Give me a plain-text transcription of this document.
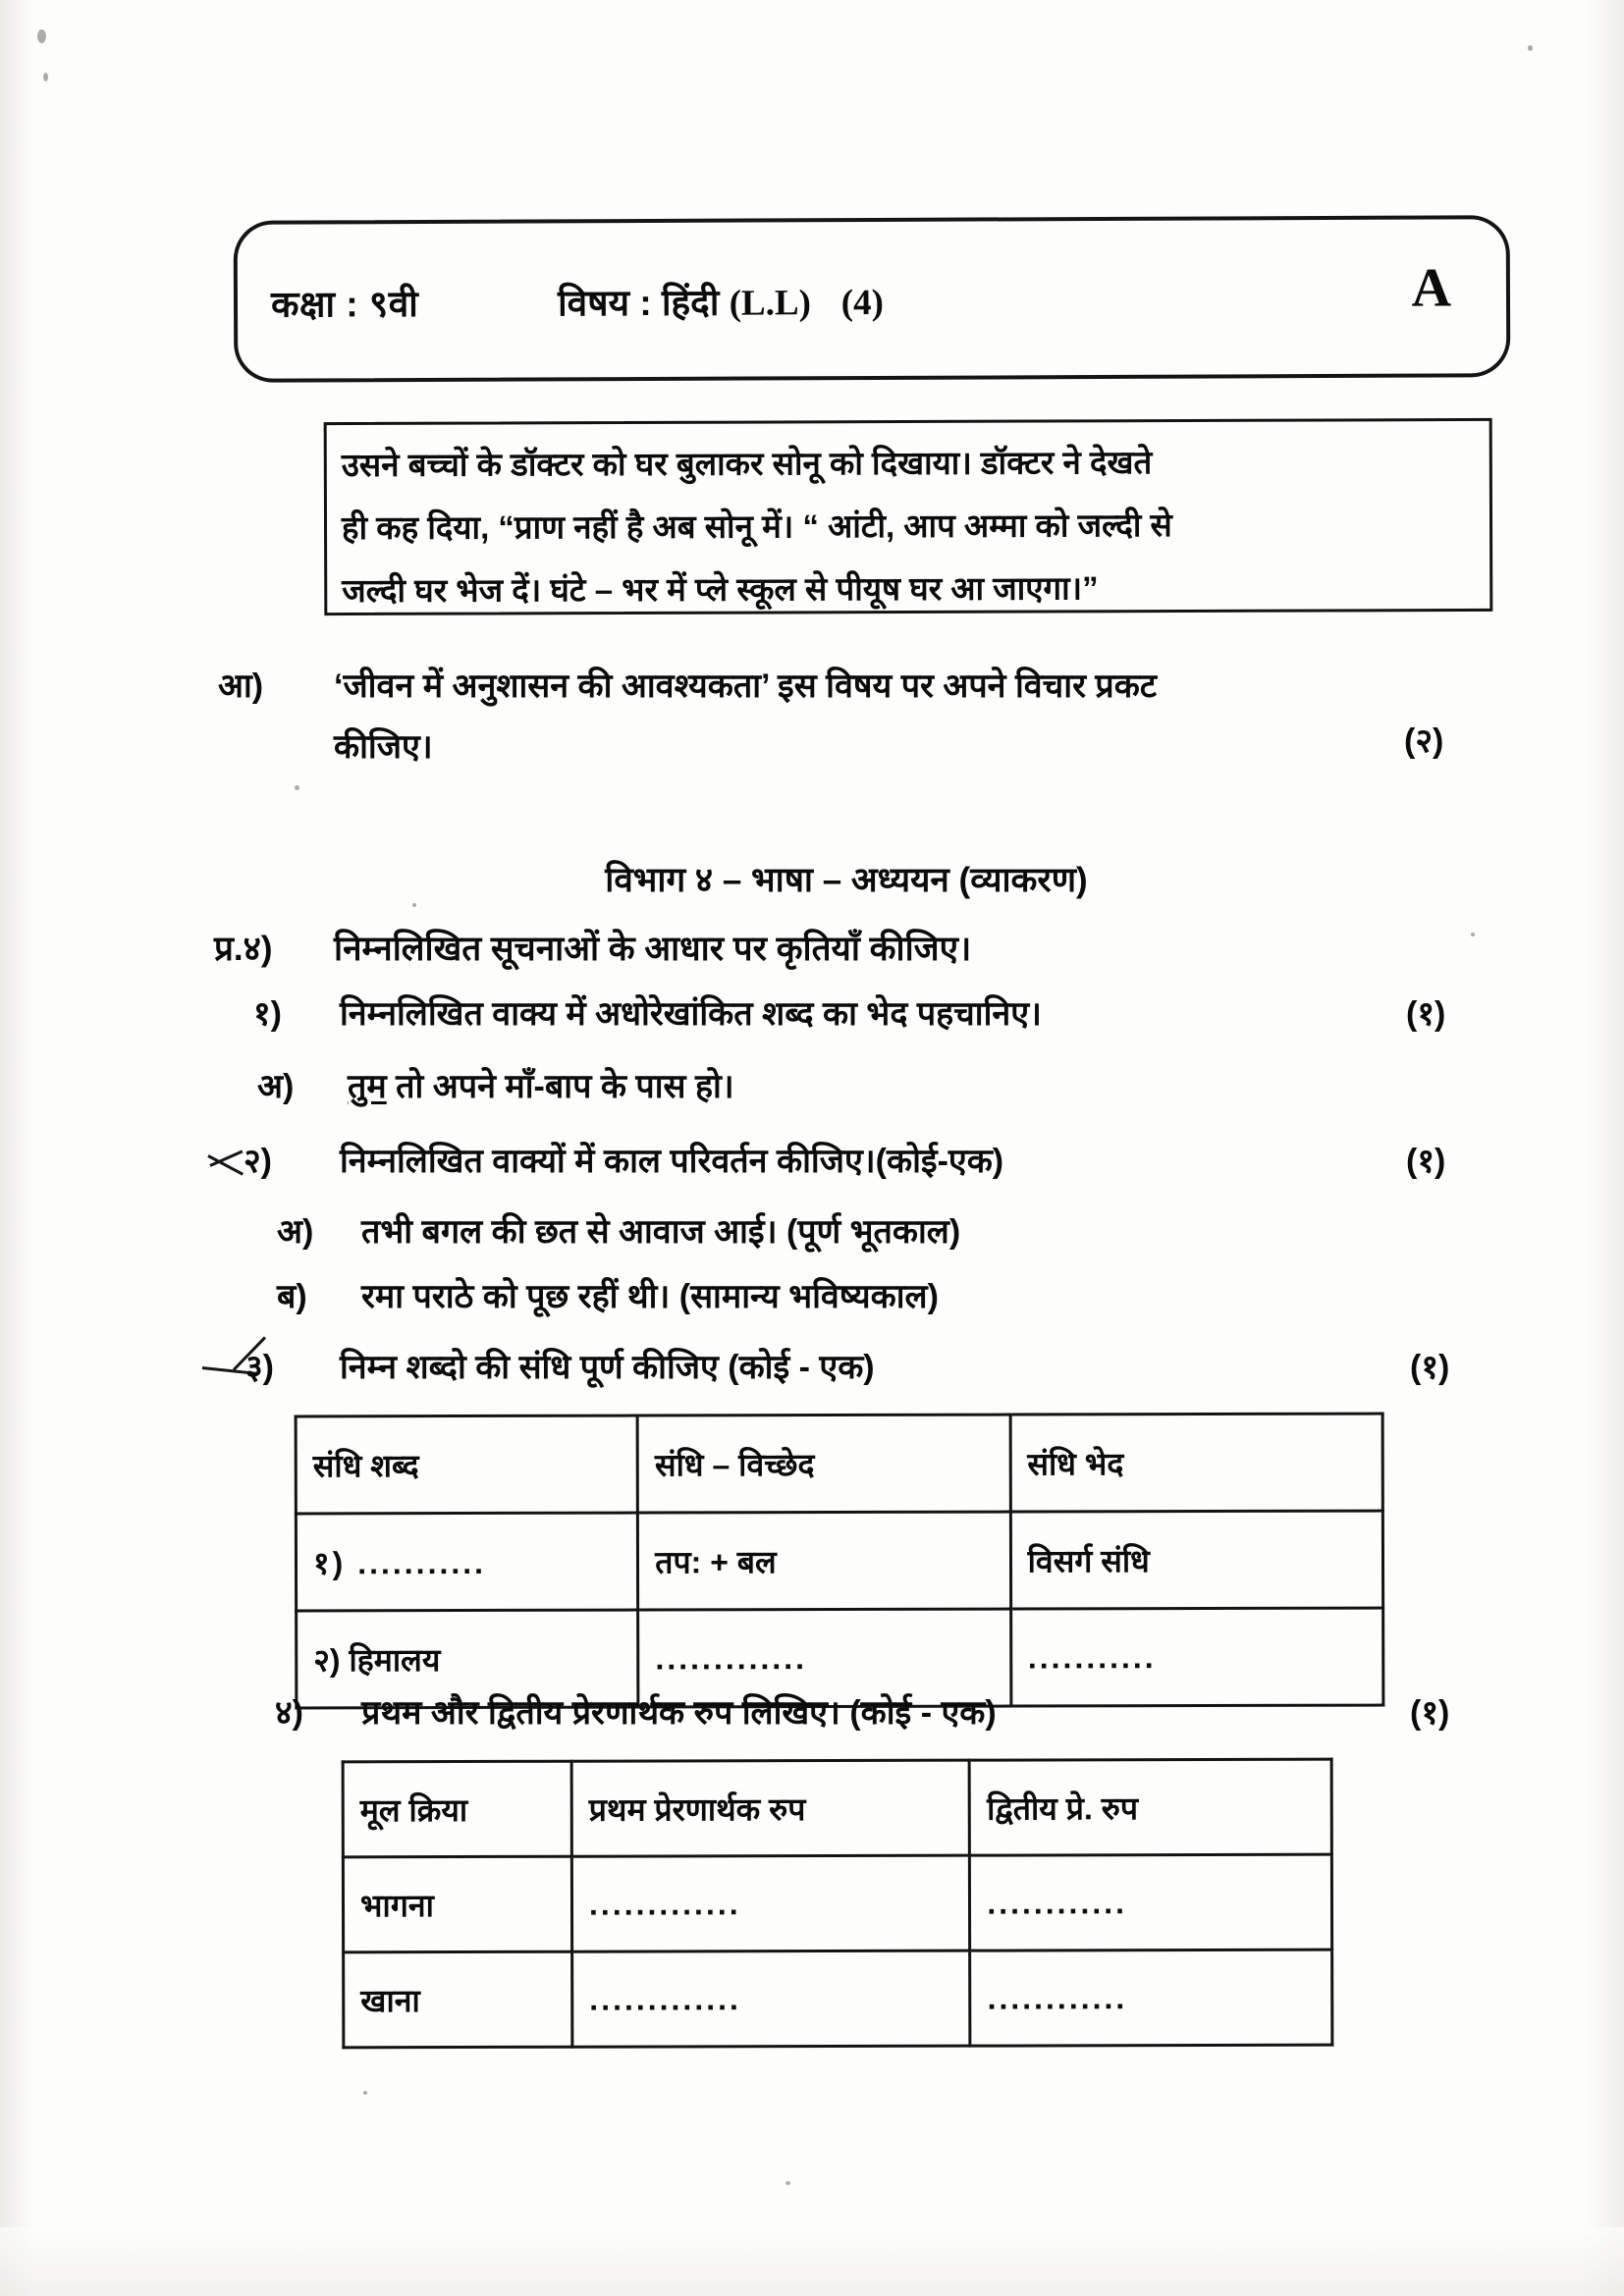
कक्षा : ९वी	विषय : हिंदी (L.L) (4)	A
उसने बच्चों के डॉक्टर को घर बुलाकर सोनू को दिखाया। डॉक्टर ने देखते
ही कह दिया, “प्राण नहीं है अब सोनू में। “ आंटी, आप अम्मा को जल्दी से
जल्दी घर भेज दें। घंटे – भर में प्ले स्कूल से पीयूष घर आ जाएगा।”
आ)	‘जीवन में अनुशासन की आवश्यकता’ इस विषय पर अपने विचार प्रकट
कीजिए।	(२)
विभाग ४ – भाषा – अध्ययन (व्याकरण)
प्र.४)	निम्नलिखित सूचनाओं के आधार पर कृतियाँ कीजिए।
१)	निम्नलिखित वाक्य में अधोरेखांकित शब्द का भेद पहचानिए।	(१)
अ)	तुम तो अपने माँ-बाप के पास हो।
२)	निम्नलिखित वाक्यों में काल परिवर्तन कीजिए।(कोई-एक)	(१)
अ)	तभी बगल की छत से आवाज आई। (पूर्ण भूतकाल)
ब)	रमा पराठे को पूछ रहीं थी। (सामान्य भविष्यकाल)
३)	निम्न शब्दो की संधि पूर्ण कीजिए (कोई - एक)	(१)
संधि शब्द	संधि – विच्छेद	संधि भेद
१) ...........	तप: + बल	विसर्ग संधि
२) हिमालय	.............	...........
४)	प्रथम और द्वितीय प्रेरणार्थक रुप लिखिए। (कोई - एक)	(१)
मूल क्रिया	प्रथम प्रेरणार्थक रुप	द्वितीय प्रे. रुप
भागना	.............	............
खाना	.............	............
